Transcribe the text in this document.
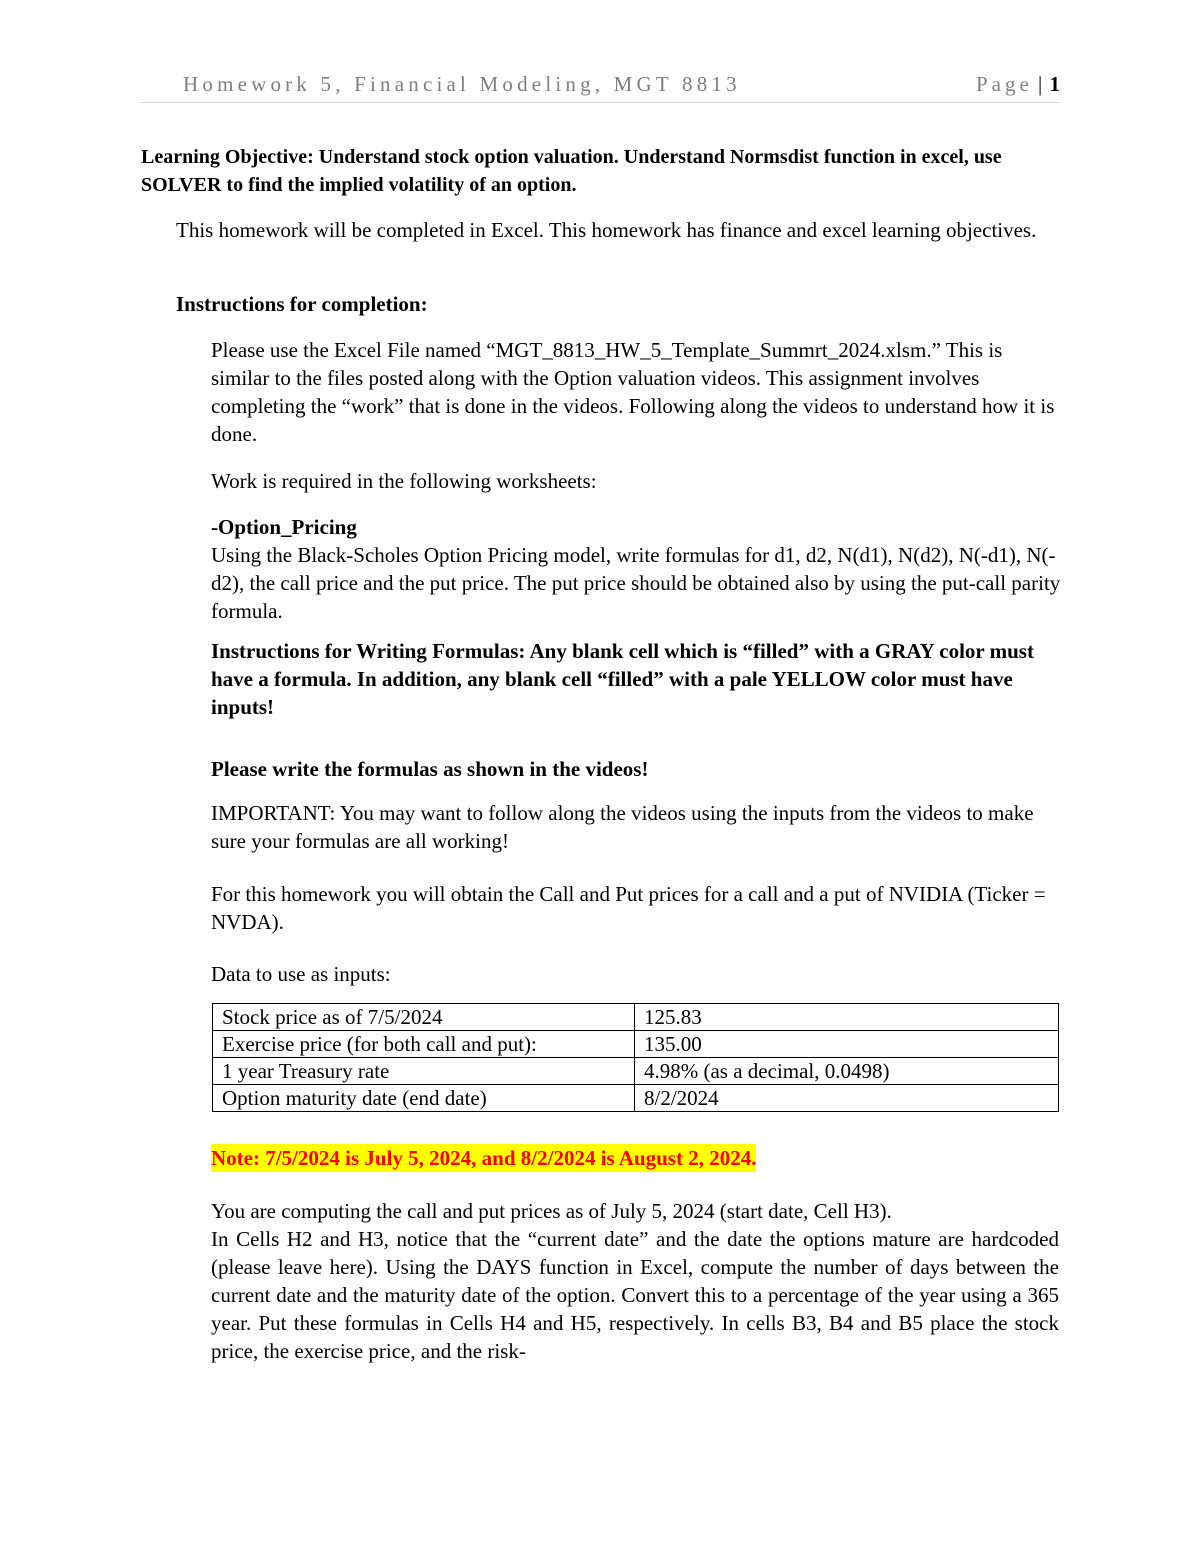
Homework 5, Financial Modeling, MGT 8813	Page | 1
Learning Objective: Understand stock option valuation. Understand Normsdist function in excel, use SOLVER to find the implied volatility of an option.
This homework will be completed in Excel. This homework has finance and excel learning objectives.
Instructions for completion:
Please use the Excel File named “MGT_8813_HW_5_Template_Summrt_2024.xlsm.” This is similar to the files posted along with the Option valuation videos. This assignment involves completing the “work” that is done in the videos. Following along the videos to understand how it is done.
Work is required in the following worksheets:
-Option_Pricing
Using the Black-Scholes Option Pricing model, write formulas for d1, d2, N(d1), N(d2), N(-d1), N(-d2), the call price and the put price. The put price should be obtained also by using the put-call parity formula.
Instructions for Writing Formulas: Any blank cell which is “filled” with a GRAY color must have a formula. In addition, any blank cell “filled” with a pale YELLOW color must have inputs!
Please write the formulas as shown in the videos!
IMPORTANT: You may want to follow along the videos using the inputs from the videos to make sure your formulas are all working!
For this homework you will obtain the Call and Put prices for a call and a put of NVIDIA (Ticker = NVDA).
Data to use as inputs:
Stock price as of 7/5/2024	125.83
Exercise price (for both call and put):	135.00
1 year Treasury rate	4.98% (as a decimal, 0.0498)
Option maturity date (end date)	8/2/2024
Note: 7/5/2024 is July 5, 2024, and 8/2/2024 is August 2, 2024.
You are computing the call and put prices as of July 5, 2024 (start date, Cell H3).
In Cells H2 and H3, notice that the “current date” and the date the options mature are hardcoded (please leave here). Using the DAYS function in Excel, compute the number of days between the current date and the maturity date of the option. Convert this to a percentage of the year using a 365 year. Put these formulas in Cells H4 and H5, respectively. In cells B3, B4 and B5 place the stock price, the exercise price, and the risk-
